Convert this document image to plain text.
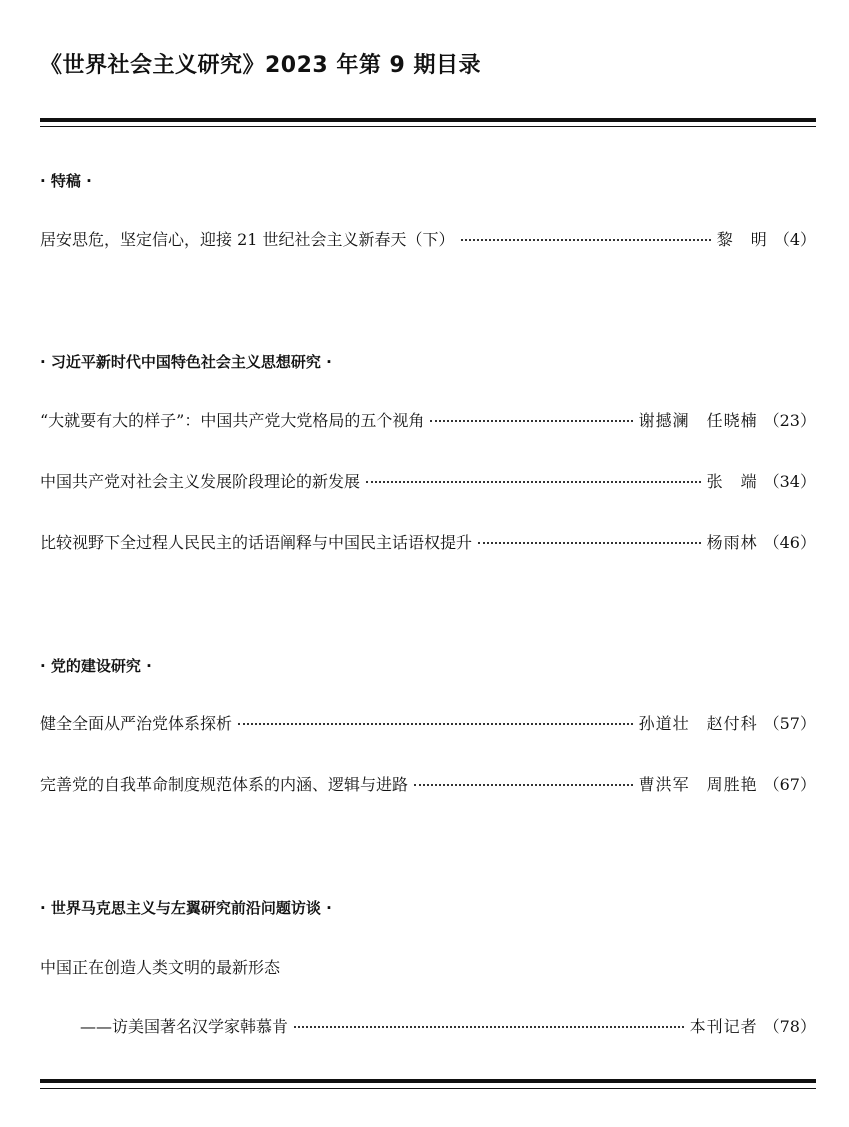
《世界社会主义研究》2023 年第 9 期目录
· 特稿 ·
居安思危，坚定信心，迎接 21 世纪社会主义新春天（下）	黎　明 （4）
· 习近平新时代中国特色社会主义思想研究 ·
“大就要有大的样子”：中国共产党大党格局的五个视角	谢撼澜　任晓楠 （23）
中国共产党对社会主义发展阶段理论的新发展	张　端 （34）
比较视野下全过程人民民主的话语阐释与中国民主话语权提升	杨雨林 （46）
· 党的建设研究 ·
健全全面从严治党体系探析	孙道壮　赵付科 （57）
完善党的自我革命制度规范体系的内涵、逻辑与进路	曹洪军　周胜艳 （67）
· 世界马克思主义与左翼研究前沿问题访谈 ·
中国正在创造人类文明的最新形态
——访美国著名汉学家韩慕肯	本刊记者 （78）
